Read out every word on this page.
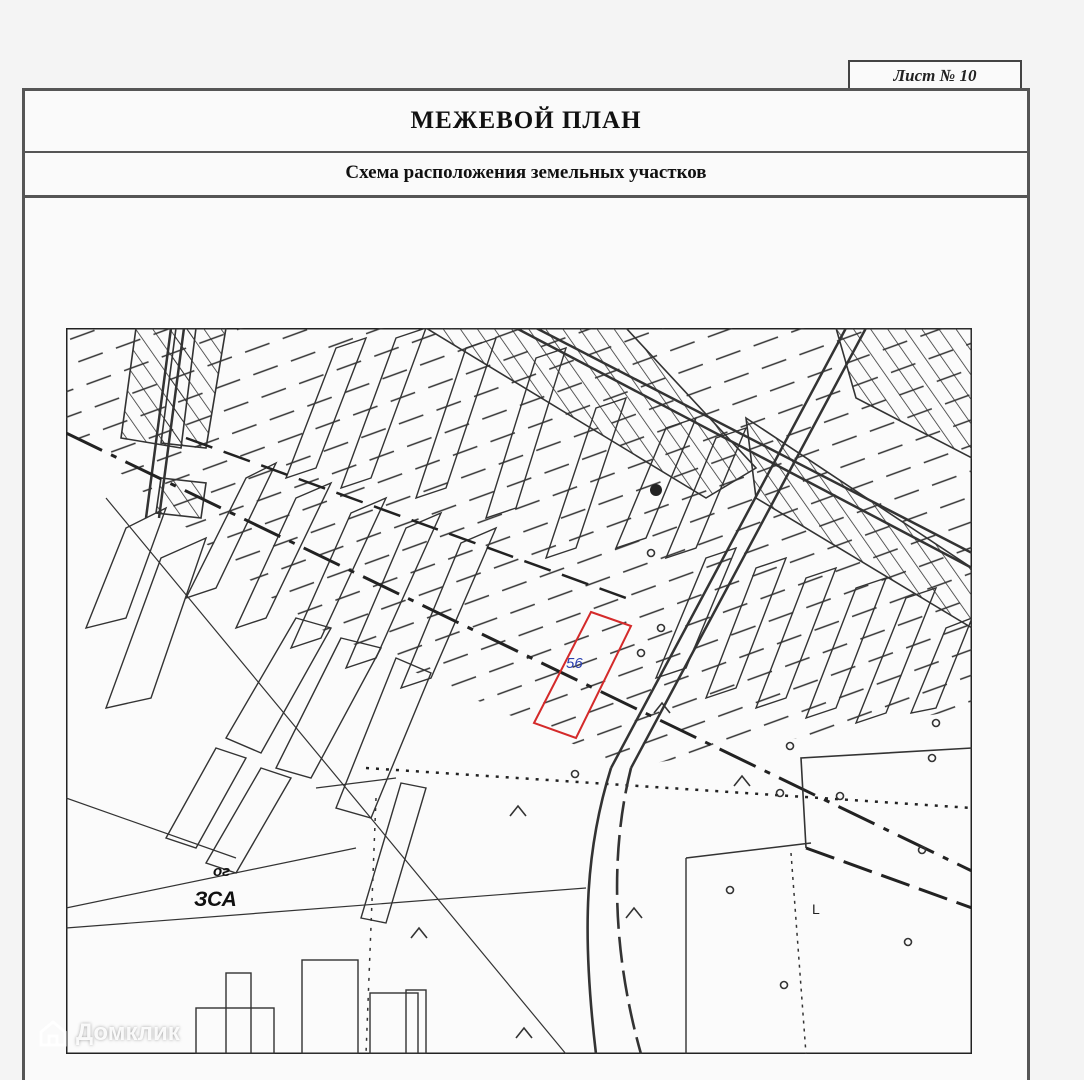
Лист № 10
МЕЖЕВОЙ ПЛАН
Схема расположения земельных участков
56
ог
ЗСА	L
Домклик
